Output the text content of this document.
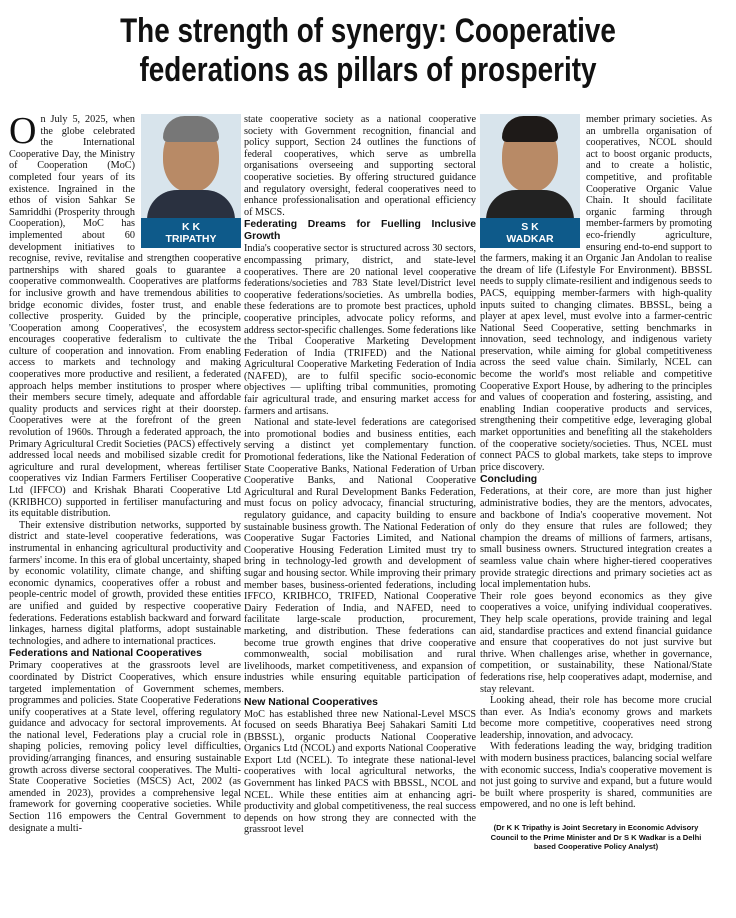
The strength of synergy: Cooperative federations as pillars of prosperity
K K
TRIPATHY

On July 5, 2025, when the globe celebrated the International Cooperative Day, the Ministry of Cooperation (MoC) completed four years of its existence. Ingrained in the ethos of vision Sahkar Se Samriddhi (Prosperity through Cooperation), MoC has implemented about 60 development initiatives to recognise, revive, revitalise and strengthen cooperative partnerships with shared goals to guarantee a cooperative commonwealth. Cooperatives are platforms for inclusive growth and have tremendous abilities to bridge economic divides, foster trust, and enable collective prosperity. Guided by the principle, 'Cooperation among Cooperatives', the ecosystem encourages cooperative federalism to cultivate the culture of cooperation and innovation. From enabling access to markets and technology and making cooperatives more productive and resilient, a federated approach helps member institutions to prosper where their members secure timely, adequate and affordable quality products and services right at their doorstep. Cooperatives were at the forefront of the green revolution of 1960s. Through a federated approach, the Primary Agricultural Credit Societies (PACS) effectively addressed local needs and mobilised sizable credit for agriculture and rural development, whereas fertiliser cooperatives viz Indian Farmers Fertiliser Cooperative Ltd (IFFCO) and Krishak Bharati Cooperative Ltd (KRIBHCO) supported in fertiliser manufacturing and its equitable distribution.

Their extensive distribution networks, supported by district and state-level cooperative federations, was instrumental in enhancing agricultural productivity and farmers' income. In this era of global uncertainty, shaped by economic volatility, climate change, and shifting economic dynamics, cooperatives offer a robust and people-centric model of growth, provided these entities are unified and guided by respective cooperative federations. Federations establish backward and forward linkages, harness digital platforms, adopt sustainable technologies, and adhere to international practices.

Federations and National Cooperatives

Primary cooperatives at the grassroots level are coordinated by District Cooperatives, which ensure targeted implementation of Government schemes, programmes and policies. State Cooperative Federations unify cooperatives at a State level, offering regulatory guidance and advocacy for sectoral improvements. At the national level, Federations play a crucial role in shaping policies, removing policy level difficulties, providing/arranging finances, and ensuring sustainable growth across diverse sectoral cooperatives. The Multi-State Cooperative Societies (MSCS) Act, 2002 (as amended in 2023), provides a comprehensive legal framework for governing cooperative societies. While Section 116 empowers the Central Government to designate a multi-

state cooperative society as a national cooperative society with Government recognition, financial and policy support, Section 24 outlines the functions of federal cooperatives, which serve as umbrella organisations overseeing and supporting sectoral cooperative societies. By offering structured guidance and regulatory oversight, federal cooperatives need to enhance professionalisation and operational efficiency of MSCS.

Federating Dreams for Fuelling Inclusive Growth

India's cooperative sector is structured across 30 sectors, encompassing primary, district, and state-level cooperatives. There are 20 national level cooperative federations/societies and 783 State level/District level cooperative federations/societies. As umbrella bodies, these federations are to promote best practices, uphold cooperative principles, advocate policy reforms, and address sector-specific challenges. Some federations like the Tribal Cooperative Marketing Development Federation of India (TRIFED) and the National Agricultural Cooperative Marketing Federation of India (NAFED), are to fulfil specific socio-economic objectives — uplifting tribal communities, promoting fair agricultural trade, and ensuring market access for farmers and artisans.

National and state-level federations are categorised into promotional bodies and business entities, each serving a distinct yet complementary function. Promotional federations, like the National Federation of State Cooperative Banks, National Federation of Urban Cooperative Banks, and National Cooperative Agricultural and Rural Development Banks Federation, must focus on policy advocacy, financial structuring, regulatory guidance, and capacity building to ensure sustainable business growth. The National Federation of Cooperative Sugar Factories Limited, and National Cooperative Housing Federation Limited must try to bring in technology-led growth and development of sugar and housing sector. While improving their primary member bases, business-oriented federations, including IFFCO, KRIBHCO, TRIFED, National Cooperative Dairy Federation of India, and NAFED, need to facilitate large-scale production, procurement, marketing, and distribution. These federations can become true growth engines that drive cooperative commonwealth, social mobilisation and rural livelihoods, market competitiveness, and expansion of industries while ensuring equitable participation of members.

New National Cooperatives

MoC has established three new National-Level MSCS focused on seeds Bharatiya Beej Sahakari Samiti Ltd (BBSSL), organic products National Cooperative Organics Ltd (NCOL) and exports National Cooperative Export Ltd (NCEL). To integrate these national-level cooperatives with local agricultural networks, the Government has linked PACS with BBSSL, NCOL and NCEL. While these entities aim at enhancing agri-productivity and global competitiveness, the real success depends on how strong they are connected with the grassroot level

S K
WADKAR

member primary societies. As an umbrella organisation of cooperatives, NCOL should act to boost organic products, and to create a holistic, competitive, and profitable Cooperative Organic Value Chain. It should facilitate organic farming through member-farmers by promoting eco-friendly agriculture, ensuring end-to-end support to the farmers, making it an Organic Jan Andolan to realise the dream of life (Lifestyle For Environment). BBSSL needs to supply climate-resilient and indigenous seeds to PACS, equipping member-farmers with high-quality inputs suited to changing climates. BBSSL, being a player at apex level, must evolve into a farmer-centric National Seed Cooperative, setting benchmarks in innovation, seed technology, and indigenous variety preservation, while aiming for global competitiveness across the seed value chain. Similarly, NCEL can become the world's most reliable and competitive Cooperative Export House, by adhering to the principles and values of cooperation and fostering, assisting, and enabling Indian cooperative products and services, strengthening their competitive edge, leveraging global market opportunities and benefiting all the stakeholders of the cooperative society/societies. Thus, NCEL must connect PACS to global markets, take steps to improve price discovery.

Concluding

Federations, at their core, are more than just higher administrative bodies, they are the mentors, advocates, and backbone of India's cooperative movement. Not only do they ensure that rules are followed; they champion the dreams of millions of farmers, artisans, small business owners. Structured integration creates a seamless value chain where higher-tiered cooperatives provide strategic directions and primary societies act as local implementation hubs.

Their role goes beyond economics as they give cooperatives a voice, unifying individual cooperatives. They help scale operations, provide training and legal aid, standardise practices and extend financial guidance and ensure that cooperatives do not just survive but thrive. When challenges arise, whether in governance, competition, or sustainability, these National/State federations rise, help cooperatives adapt, modernise, and stay relevant.

Looking ahead, their role has become more crucial than ever. As India's economy grows and markets become more competitive, cooperatives need strong leadership, innovation, and advocacy.

With federations leading the way, bridging tradition with modern business practices, balancing social welfare with economic success, India's cooperative movement is not just going to survive and expand, but a future would be built where prosperity is shared, communities are empowered, and no one is left behind.

(Dr K K Tripathy is Joint Secretary in Economic Advisory Council to the Prime Minister and Dr S K Wadkar is a Delhi based Cooperative Policy Analyst)
